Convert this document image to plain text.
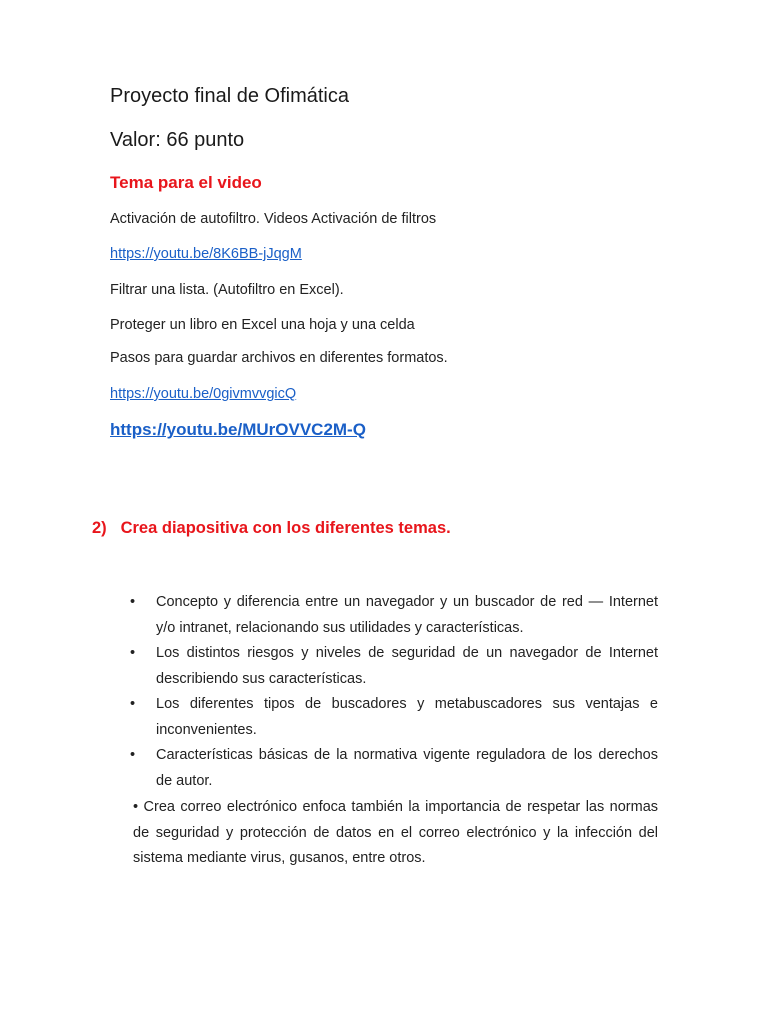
Proyecto final de Ofimática
Valor: 66 punto
Tema para el video
Activación de autofiltro. Videos Activación de filtros
https://youtu.be/8K6BB-jJqgM
Filtrar una lista. (Autofiltro en Excel).
Proteger un libro en Excel una hoja y una celda
Pasos para guardar archivos en diferentes formatos.
https://youtu.be/0givmvvgicQ
https://youtu.be/MUrOVVC2M-Q
2) Crea diapositiva con los diferentes temas.
• Concepto y diferencia entre un navegador y un buscador de red — Internet y/o intranet, relacionando sus utilidades y características.
• Los distintos riesgos y niveles de seguridad de un navegador de Internet describiendo sus características.
• Los diferentes tipos de buscadores y metabuscadores sus ventajas e inconvenientes.
• Características básicas de la normativa vigente reguladora de los derechos de autor.
• Crea correo electrónico enfoca también la importancia de respetar las normas de seguridad y protección de datos en el correo electrónico y la infección del sistema mediante virus, gusanos, entre otros.
